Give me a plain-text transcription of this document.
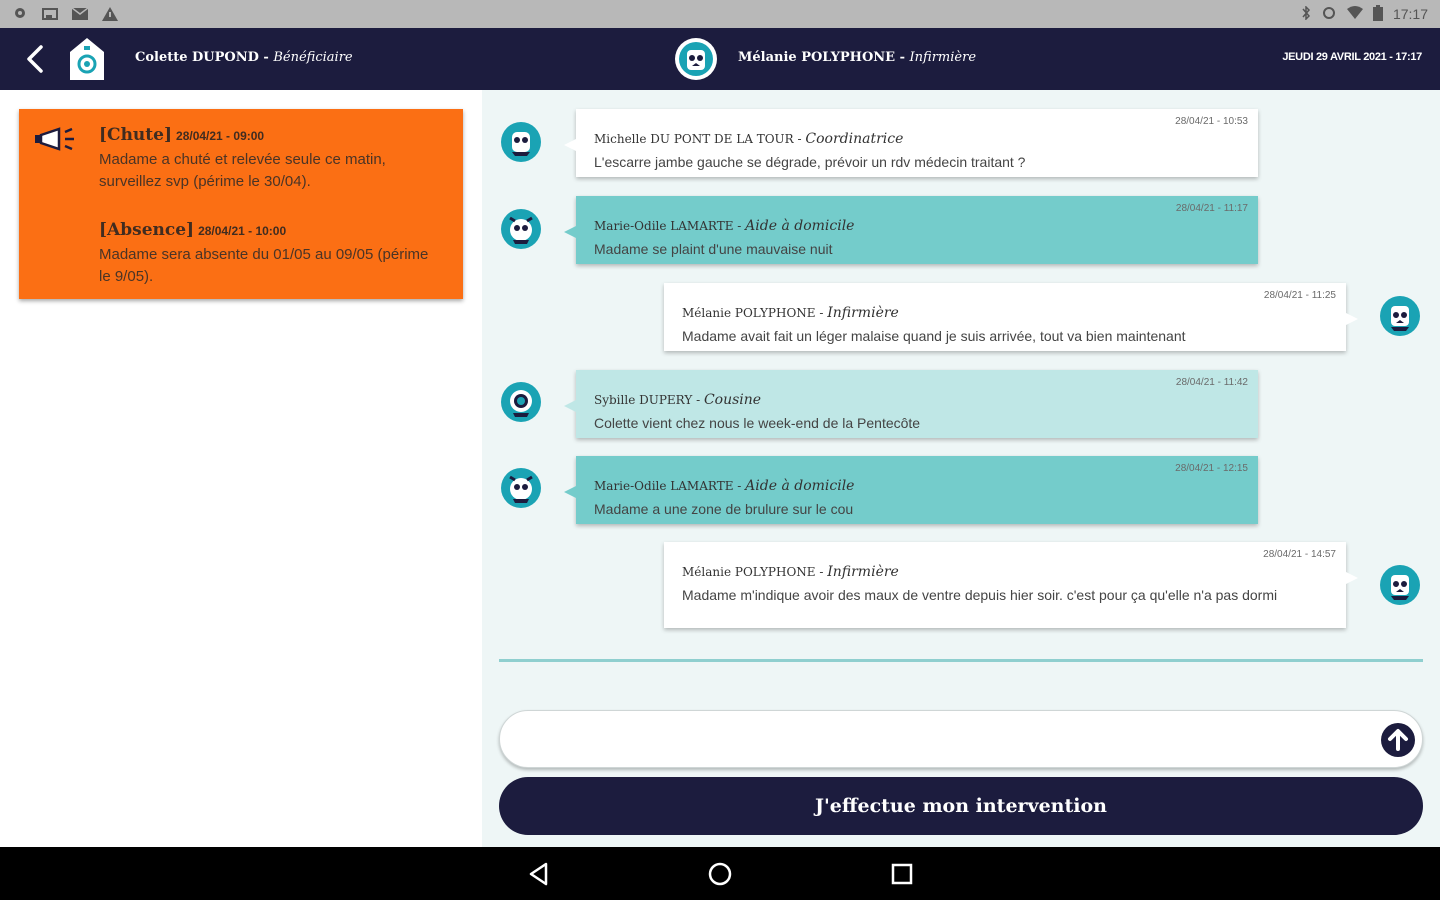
17:17
Colette DUPOND - Bénéficiaire	Mélanie POLYPHONE - Infirmière	JEUDI 29 AVRIL 2021 - 17:17
[Chute] 28/04/21 - 09:00
Madame a chuté et relevée seule ce matin, surveillez svp (périme le 30/04).
[Absence] 28/04/21 - 10:00
Madame sera absente du 01/05 au 09/05 (périme le 9/05).
28/04/21 - 10:53
Michelle DU PONT DE LA TOUR - Coordinatrice
L'escarre jambe gauche se dégrade, prévoir un rdv médecin traitant ?
28/04/21 - 11:17
Marie-Odile LAMARTE - Aide à domicile
Madame se plaint d'une mauvaise nuit
28/04/21 - 11:25
Mélanie POLYPHONE - Infirmière
Madame avait fait un léger malaise quand je suis arrivée, tout va bien maintenant
28/04/21 - 11:42
Sybille DUPERY - Cousine
Colette vient chez nous le week-end de la Pentecôte
28/04/21 - 12:15
Marie-Odile LAMARTE - Aide à domicile
Madame a une zone de brulure sur le cou
28/04/21 - 14:57
Mélanie POLYPHONE - Infirmière
Madame m'indique avoir des maux de ventre depuis hier soir. c'est pour ça qu'elle n'a pas dormi
J'effectue mon intervention
